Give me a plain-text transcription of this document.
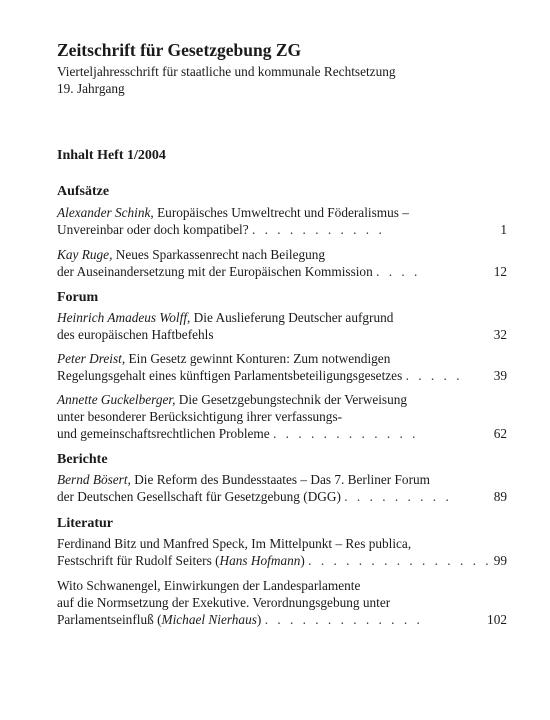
Zeitschrift für Gesetzgebung ZG

Vierteljahresschrift für staatliche und kommunale Rechtsetzung

19. Jahrgang

Inhalt Heft 1/2004
Aufsätze
Alexander Schink, Europäisches Umweltrecht und Föderalismus –
Unvereinbar oder doch kompatibel? . . . . . . . . . . .	1
Kay Ruge, Neues Sparkassenrecht nach Beilegung
der Auseinandersetzung mit der Europäischen Kommission . . . .	12
Forum
Heinrich Amadeus Wolff, Die Auslieferung Deutscher aufgrund
des europäischen Haftbefehls	32
Peter Dreist, Ein Gesetz gewinnt Konturen: Zum notwendigen
Regelungsgehalt eines künftigen Parlamentsbeteiligungsgesetzes . . . . .	39
Annette Guckelberger, Die Gesetzgebungstechnik der Verweisung
unter besonderer Berücksichtigung ihrer verfassungs-
und gemeinschaftsrechtlichen Probleme . . . . . . . . . . . .	62
Berichte
Bernd Bösert, Die Reform des Bundesstaates – Das 7. Berliner Forum
der Deutschen Gesellschaft für Gesetzgebung (DGG) . . . . . . . . .	89
Literatur
Ferdinand Bitz und Manfred Speck, Im Mittelpunkt – Res publica,
Festschrift für Rudolf Seiters (Hans Hofmann) . . . . . . . . . . . . . . . 99
Wito Schwanengel, Einwirkungen der Landesparlamente
auf die Normsetzung der Exekutive. Verordnungsgebung unter
Parlamentseinfluß (Michael Nierhaus) . . . . . . . . . . . . .	102
